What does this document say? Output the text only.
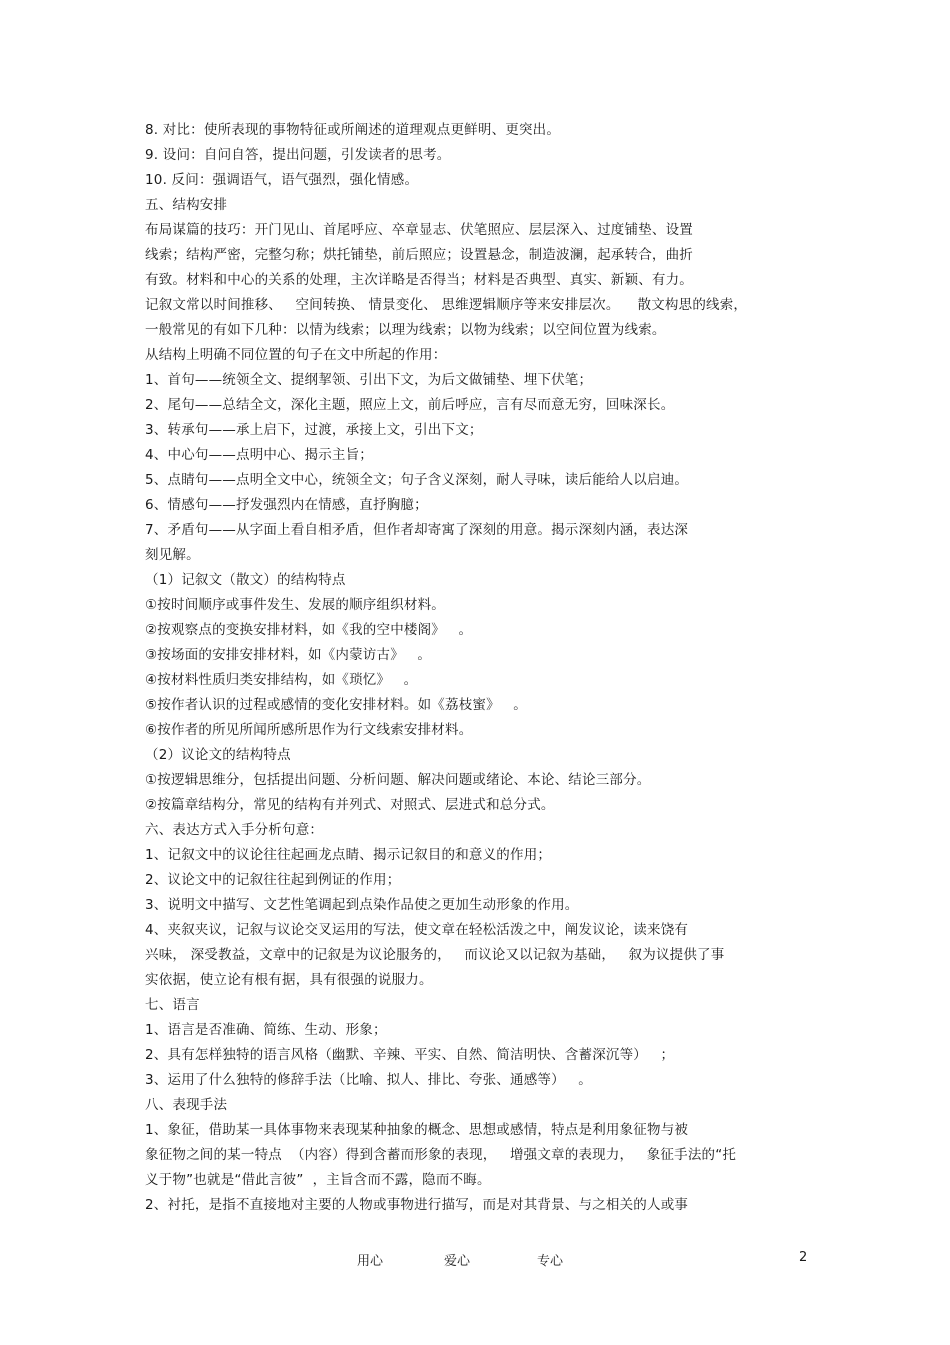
8. 对比：使所表现的事物特征或所阐述的道理观点更鲜明、更突出。
9. 设问：自问自答，提出问题，引发读者的思考。
10. 反问：强调语气，语气强烈，强化情感。
五、结构安排
布局谋篇的技巧：开门见山、首尾呼应、卒章显志、伏笔照应、层层深入、过度铺垫、设置
线索；结构严密，完整匀称；烘托铺垫，前后照应；设置悬念，制造波澜，起承转合，曲折
有致。材料和中心的关系的处理，主次详略是否得当；材料是否典型、真实、新颖、有力。
记叙文常以时间推移、   空间转换、 情景变化、 思维逻辑顺序等来安排层次。    散文构思的线索，
一般常见的有如下几种：以情为线索；以理为线索；以物为线索；以空间位置为线索。
从结构上明确不同位置的句子在文中所起的作用：
1、首句——统领全文、提纲挈领、引出下文，为后文做铺垫、埋下伏笔；
2、尾句——总结全文，深化主题，照应上文，前后呼应，言有尽而意无穷，回味深长。
3、转承句——承上启下，过渡，承接上文，引出下文；
4、中心句——点明中心、揭示主旨；
5、点睛句——点明全文中心，统领全文；句子含义深刻，耐人寻味，读后能给人以启迪。
6、情感句——抒发强烈内在情感，直抒胸臆；
7、矛盾句——从字面上看自相矛盾，但作者却寄寓了深刻的用意。揭示深刻内涵，表达深
刻见解。
（1）记叙文（散文）的结构特点
①按时间顺序或事件发生、发展的顺序组织材料。
②按观察点的变换安排材料，如《我的空中楼阁》   。
③按场面的安排安排材料，如《内蒙访古》   。
④按材料性质归类安排结构，如《琐忆》   。
⑤按作者认识的过程或感情的变化安排材料。如《荔枝蜜》   。
⑥按作者的所见所闻所感所思作为行文线索安排材料。
（2）议论文的结构特点
①按逻辑思维分，包括提出问题、分析问题、解决问题或绪论、本论、结论三部分。
②按篇章结构分，常见的结构有并列式、对照式、层进式和总分式。
六、表达方式入手分析句意：
1、记叙文中的议论往往起画龙点睛、揭示记叙目的和意义的作用；
2、议论文中的记叙往往起到例证的作用；
3、说明文中描写、文艺性笔调起到点染作品使之更加生动形象的作用。
4、夹叙夹议，记叙与议论交叉运用的写法，使文章在轻松活泼之中，阐发议论，读来饶有
兴味， 深受教益，文章中的记叙是为议论服务的，   而议论又以记叙为基础，   叙为议提供了事
实依据，使立论有根有据，具有很强的说服力。
七、语言
1、语言是否准确、简练、生动、形象；
2、具有怎样独特的语言风格（幽默、辛辣、平实、自然、简洁明快、含蓄深沉等）   ；
3、运用了什么独特的修辞手法（比喻、拟人、排比、夸张、通感等）   。
八、表现手法
1、象征，借助某一具体事物来表现某种抽象的概念、思想或感情，特点是利用象征物与被
象征物之间的某一特点  （内容）得到含蓄而形象的表现，   增强文章的表现力，   象征手法的“托
义于物”也就是“借此言彼”  ，主旨含而不露，隐而不晦。
2、衬托，是指不直接地对主要的人物或事物进行描写，而是对其背景、与之相关的人或事
用心	爱心	专心	2
